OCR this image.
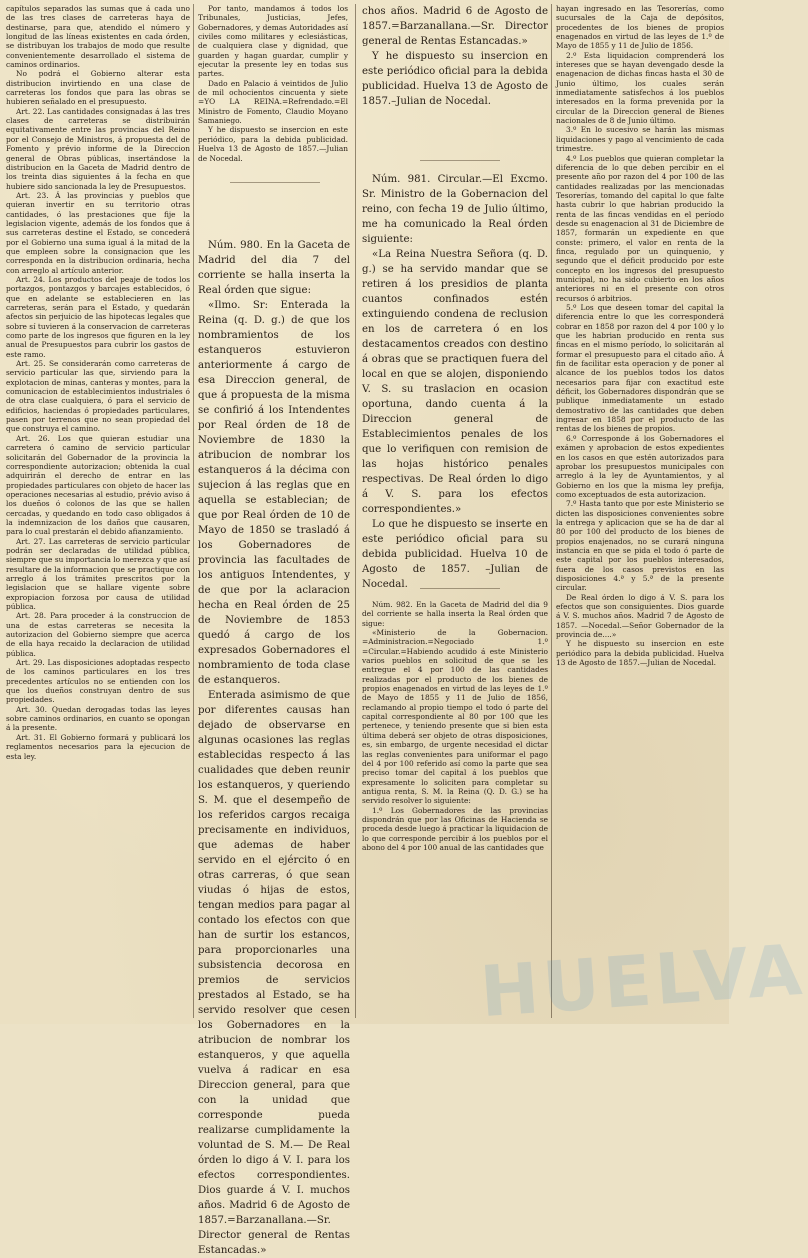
capítulos separados las sumas que á cada uno de las tres clases de carreteras haya de destinarse, para que, atendido el número y longitud de las líneas existentes en cada órden, se distribuyan los trabajos de modo que resulte convenientemente desarrollado el sistema de caminos ordinarios.

No podrá el Gobierno alterar esta distribucion invirtiendo en una clase de carreteras los fondos que para las obras se hubieren señalado en el presupuesto.

Art. 22. Las cantidades consignadas á las tres clases de carreteras se distribuirán equitativamente entre las provincias del Reino por el Consejo de Ministros, á propuesta del de Fomento y prévio informe de la Direccion general de Obras públicas, insertándose la distribucion en la Gaceta de Madrid dentro de los treinta dias siguientes á la fecha en que hubiere sido sancionada la ley de Presupuestos.

Art. 23. Á las provincias y pueblos que quieran invertir en su territorio otras cantidades, ó las prestaciones que fije la legislacion vigente, además de los fondos que á sus carreteras destine el Estado, se concederá por el Gobierno una suma igual á la mitad de la que empleen sobre la consignacion que les corresponda en la distribucion ordinaria, hecha con arreglo al artículo anterior.

Art. 24. Los productos del peaje de todos los portazgos, pontazgos y barcajes establecidos, ó que en adelante se establecieren en las carreteras, serán para el Estado, y quedarán afectos sin perjuicio de las hipotecas legales que sobre sí tuvieren á la conservacion de carreteras como parte de los ingresos que figuren en la ley anual de Presupuestos para cubrir los gastos de este ramo.

Art. 25. Se considerarán como carreteras de servicio particular las que, sirviendo para la explotacion de minas, canteras y montes, para la comunicacion de establecimientos industriales ó de otra clase cualquiera, ó para el servicio de edificios, haciendas ó propiedades particulares, pasen por terrenos que no sean propiedad del que construya el camino.

Art. 26. Los que quieran estudiar una carretera ó camino de servicio particular solicitarán del Gobernador de la provincia la correspondiente autorizacion; obtenida la cual adquirirán el derecho de entrar en las propiedades particulares con objeto de hacer las operaciones necesarias al estudio, prévio aviso á los dueños ó colonos de las que se hallen cercadas, y quedando en todo caso obligados á la indemnizacion de los daños que causaren, para lo cual prestarán el debido afianzamiento.

Art. 27. Las carreteras de servicio particular podrán ser declaradas de utilidad pública, siempre que su importancia lo merezca y que así resultare de la informacion que se practique con arreglo á los trámites prescritos por la legislacion que se hallare vigente sobre expropiacion forzosa por causa de utilidad pública.

Art. 28. Para proceder á la construccion de una de estas carreteras se necesita la autorizacion del Gobierno siempre que acerca de ella haya recaido la declaracion de utilidad pública.

Art. 29. Las disposiciones adoptadas respecto de los caminos particulares en los tres precedentes artículos no se entienden con los que los dueños construyan dentro de sus propiedades.

Art. 30. Quedan derogadas todas las leyes sobre caminos ordinarios, en cuanto se opongan á la presente.

Art. 31. El Gobierno formará y publicará los reglamentos necesarios para la ejecucion de esta ley.

Por tanto, mandamos á todos los Tribunales, Justicias, Jefes, Gobernadores, y demas Autoridades así civiles como militares y eclesiásticas, de cualquiera clase y dignidad, que guarden y hagan guardar, cumplir y ejecutar la presente ley en todas sus partes.

Dado en Palacio á veintidos de Julio de mil ochocientos cincuenta y siete =YO LA REINA.=Refrendado.=El Ministro de Fomento, Claudio Moyano Samaniego.

Y he dispuesto se insercion en este periódico, para la debida publicidad. Huelva 13 de Agosto de 1857.—Julian de Nocedal.

Núm. 980. En la Gaceta de Madrid del dia 7 del corriente se halla inserta la Real órden que sigue:

«Ilmo. Sr: Enterada la Reina (q. D. g.) de que los nombramientos de los estanqueros estuvieron anteriormente á cargo de esa Direccion general, de que á propuesta de la misma se confirió á los Intendentes por Real órden de 18 de Noviembre de 1830 la atribucion de nombrar los estanqueros á la décima con sujecion á las reglas que en aquella se establecian; de que por Real órden de 10 de Mayo de 1850 se trasladó á los Gobernadores de provincia las facultades de los antiguos Intendentes, y de que por la aclaracion hecha en Real órden de 25 de Noviembre de 1853 quedó á cargo de los expresados Gobernadores el nombramiento de toda clase de estanqueros.

Enterada asimismo de que por diferentes causas han dejado de observarse en algunas ocasiones las reglas establecidas respecto á las cualidades que deben reunir los estanqueros, y queriendo S. M. que el desempeño de los referidos cargos recaiga precisamente en individuos, que ademas de haber servido en el ejército ó en otras carreras, ó que sean viudas ó hijas de estos, tengan medios para pagar al contado los efectos con que han de surtir los estancos, para proporcionarles una subsistencia decorosa en premios de servicios prestados al Estado, se ha servido resolver que cesen los Gobernadores en la atribucion de nombrar los estanqueros, y que aquella vuelva á radicar en esa Direccion general, para que con la unidad que corresponde pueda realizarse cumplidamente la voluntad de S. M.— De Real órden lo digo á V. I. para los efectos correspondientes. Dios guarde á V. I. muchos años. Madrid 6 de Agosto de 1857.=Barzanallana.—Sr. Director general de Rentas Estancadas.»

chos años. Madrid 6 de Agosto de 1857.=Barzanallana.—Sr. Director general de Rentas Estancadas.»

Y he dispuesto su insercion en este periódico oficial para la debida publicidad. Huelva 13 de Agosto de 1857.–Julian de Nocedal.

Núm. 981. Circular.—El Excmo. Sr. Ministro de la Gobernacion del reino, con fecha 19 de Julio último, me ha comunicado la Real órden siguiente:

«La Reina Nuestra Señora (q. D. g.) se ha servido mandar que se retiren á los presidios de planta cuantos confinados estén extinguiendo condena de reclusion en los de carretera ó en los destacamentos creados con destino á obras que se practiquen fuera del local en que se alojen, disponiendo V. S. su traslacion en ocasion oportuna, dando cuenta á la Direccion general de Establecimientos penales de los que lo verifiquen con remision de las hojas histórico penales respectivas. De Real órden lo digo á V. S. para los efectos correspondientes.»

Lo que he dispuesto se inserte en este periódico oficial para su debida publicidad. Huelva 10 de Agosto de 1857. –Julian de Nocedal.

Núm. 982. En la Gaceta de Madrid del dia 9 del corriente se halla inserta la Real órden que sigue:

«Ministerio de la Gobernacion. =Administracion.=Negociado 1.º =Circular.=Habiendo acudido á este Ministerio varios pueblos en solicitud de que se les entregue el 4 por 100 de las cantidades realizadas por el producto de los bienes de propios enagenados en virtud de las leyes de 1.º de Mayo de 1855 y 11 de Julio de 1856, reclamando al propio tiempo el todo ó parte del capital correspondiente al 80 por 100 que les pertenece, y teniendo presente que si bien esta última deberá ser objeto de otras disposiciones, es, sin embargo, de urgente necesidad el dictar las reglas convenientes para uniformar el pago del 4 por 100 referido así como la parte que sea preciso tomar del capital á los pueblos que expresamente lo soliciten para completar su antigua renta, S. M. la Reina (Q. D. G.) se ha servido resolver lo siguiente:

1.º Los Gobernadores de las provincias dispondrán que por las Oficinas de Hacienda se proceda desde luego á practicar la liquidacion de lo que corresponde percibir á los pueblos por el abono del 4 por 100 anual de las cantidades que

hayan ingresado en las Tesorerías, como sucursales de la Caja de depósitos, procedentes de los bienes de propios enagenados en virtud de las leyes de 1.º de Mayo de 1855 y 11 de Julio de 1856.

2.º Esta liquidacion comprenderá los intereses que se hayan devengado desde la enagenacion de dichas fincas hasta el 30 de Junio último, los cuales serán inmediatamente satisfechos á los pueblos interesados en la forma prevenida por la circular de la Direccion general de Bienes nacionales de 8 de Junio último.

3.º En lo sucesivo se harán las mismas liquidaciones y pago al vencimiento de cada trimestre.

4.º Los pueblos que quieran completar la diferencia de lo que deben percibir en el presente año por razon del 4 por 100 de las cantidades realizadas por las mencionadas Tesorerías, tomando del capital lo que falte hasta cubrir lo que habrian producido la renta de las fincas vendidas en el período desde su enagenacion al 31 de Diciembre de 1857, formarán un expediente en que conste: primero, el valor en renta de la finca, regulado por un quinquenio, y segundo que el déficit producido por este concepto en los ingresos del presupuesto municipal, no ha sido cubierto en los años anteriores ni en el presente con otros recursos ó arbitrios.

5.º Los que deseen tomar del capital la diferencia entre lo que les corresponderá cobrar en 1858 por razon del 4 por 100 y lo que les habrian producido en renta sus fincas en el mismo período, lo solicitarán al formar el presupuesto para el citado año. Á fin de facilitar esta operacion y de poner al alcance de los pueblos todos los datos necesarios para fijar con exactitud este déficit, los Gobernadores dispondrán que se publique inmediatamente un estado demostrativo de las cantidades que deben ingresar en 1858 por el producto de las rentas de los bienes de propios.

6.º Corresponde á los Gobernadores el exámen y aprobacion de estos expedientes en los casos en que estén autorizados para aprobar los presupuestos municipales con arreglo á la ley de Ayuntamientos, y al Gobierno en los que la misma ley prefija, como exceptuados de esta autorizacion.

7.º Hasta tanto que por este Ministerio se dicten las disposiciones convenientes sobre la entrega y aplicacion que se ha de dar al 80 por 100 del producto de los bienes de propios enajenados, no se curará ninguna instancia en que se pida el todo ó parte de este capital por los pueblos interesados, fuera de los casos previstos en las disposiciones 4.ª y 5.ª de la presente circular.

De Real órden lo digo á V. S. para los efectos que son consiguientes. Dios guarde á V. S. muchos años. Madrid 7 de Agosto de 1857. —Nocedal.—Señor Gobernador de la provincia de....»

Y he dispuesto su insercion en este periódico para la debida publicidad. Huelva 13 de Agosto de 1857.—Julian de Nocedal.

HUELVA
